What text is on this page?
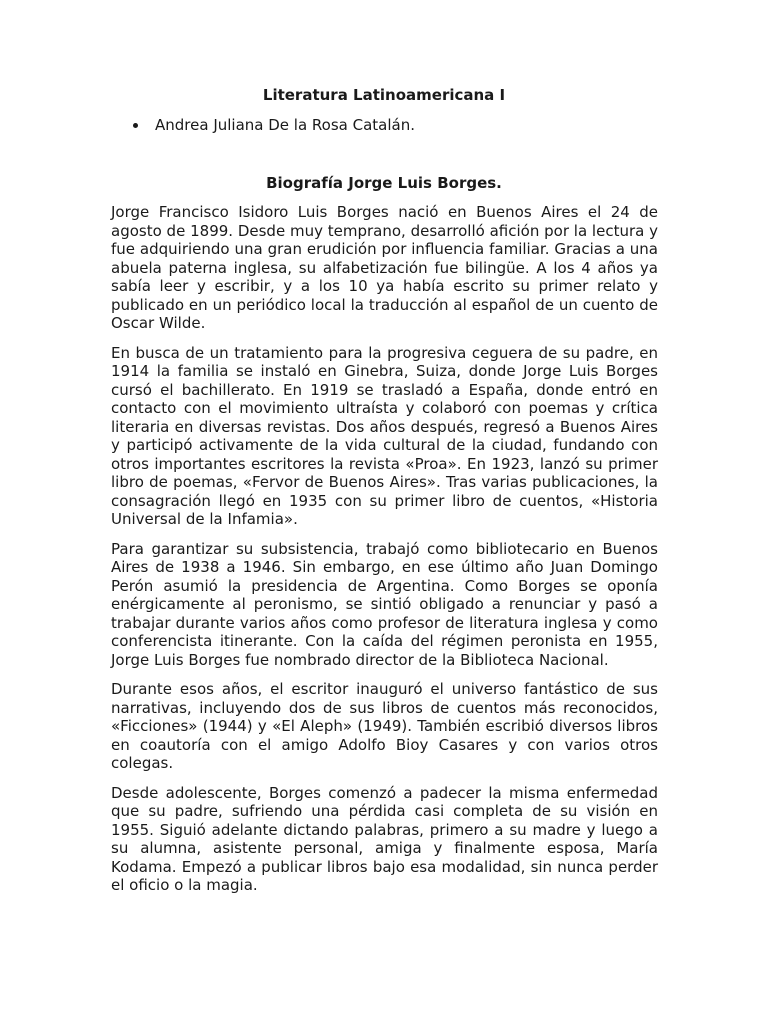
Literatura Latinoamericana I
Andrea Juliana De la Rosa Catalán.
Biografía Jorge Luis Borges.

Jorge Francisco Isidoro Luis Borges nació en Buenos Aires el 24 de agosto de 1899. Desde muy temprano, desarrolló afición por la lectura y fue adquiriendo una gran erudición por influencia familiar. Gracias a una abuela paterna inglesa, su alfabetización fue bilingüe. A los 4 años ya sabía leer y escribir, y a los 10 ya había escrito su primer relato y publicado en un periódico local la traducción al español de un cuento de Oscar Wilde.

En busca de un tratamiento para la progresiva ceguera de su padre, en 1914 la familia se instaló en Ginebra, Suiza, donde Jorge Luis Borges cursó el bachillerato. En 1919 se trasladó a España, donde entró en contacto con el movimiento ultraísta y colaboró con poemas y crítica literaria en diversas revistas. Dos años después, regresó a Buenos Aires y participó activamente de la vida cultural de la ciudad, fundando con otros importantes escritores la revista «Proa». En 1923, lanzó su primer libro de poemas, «Fervor de Buenos Aires». Tras varias publicaciones, la consagración llegó en 1935 con su primer libro de cuentos, «Historia Universal de la Infamia».

Para garantizar su subsistencia, trabajó como bibliotecario en Buenos Aires de 1938 a 1946. Sin embargo, en ese último año Juan Domingo Perón asumió la presidencia de Argentina. Como Borges se oponía enérgicamente al peronismo, se sintió obligado a renunciar y pasó a trabajar durante varios años como profesor de literatura inglesa y como conferencista itinerante. Con la caída del régimen peronista en 1955, Jorge Luis Borges fue nombrado director de la Biblioteca Nacional.

Durante esos años, el escritor inauguró el universo fantástico de sus narrativas, incluyendo dos de sus libros de cuentos más reconocidos, «Ficciones» (1944) y «El Aleph» (1949). También escribió diversos libros en coautoría con el amigo Adolfo Bioy Casares y con varios otros colegas.

Desde adolescente, Borges comenzó a padecer la misma enfermedad que su padre, sufriendo una pérdida casi completa de su visión en 1955. Siguió adelante dictando palabras, primero a su madre y luego a su alumna, asistente personal, amiga y finalmente esposa, María Kodama. Empezó a publicar libros bajo esa modalidad, sin nunca perder el oficio o la magia.
